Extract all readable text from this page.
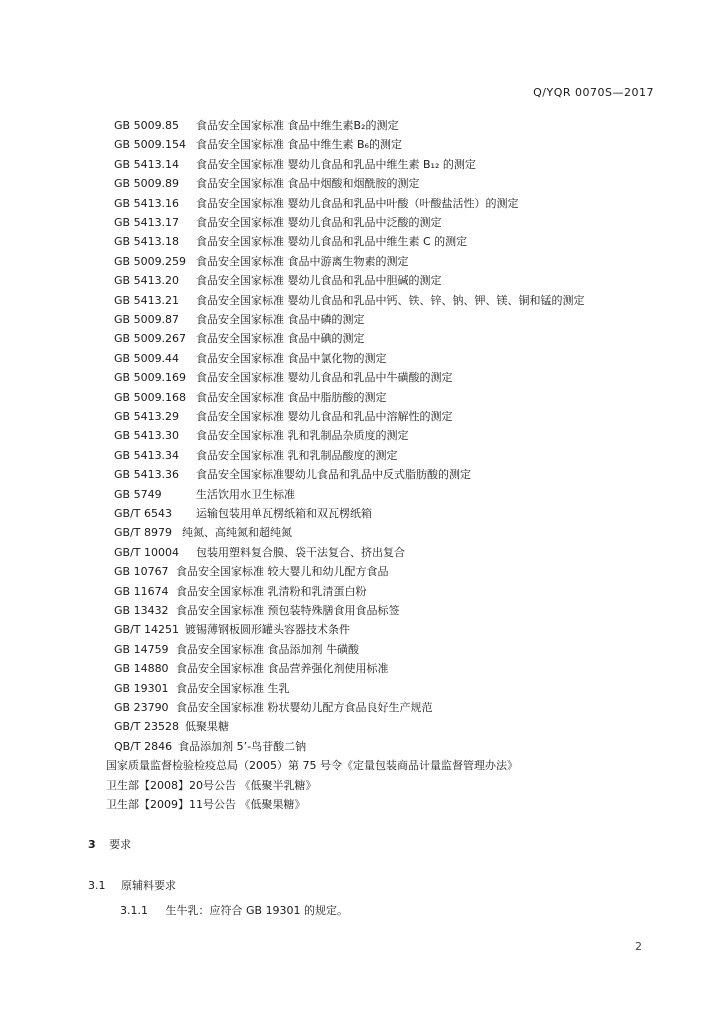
Q/YQR 0070S—2017
GB 5009.85 食品安全国家标准 食品中维生素B₂的测定
GB 5009.154 食品安全国家标准 食品中维生素 B₆的测定
GB 5413.14 食品安全国家标准 婴幼儿食品和乳品中维生素 B₁₂ 的测定
GB 5009.89 食品安全国家标准 食品中烟酸和烟酰胺的测定
GB 5413.16 食品安全国家标准 婴幼儿食品和乳品中叶酸（叶酸盐活性）的测定
GB 5413.17 食品安全国家标准 婴幼儿食品和乳品中泛酸的测定
GB 5413.18 食品安全国家标准 婴幼儿食品和乳品中维生素 C 的测定
GB 5009.259 食品安全国家标准 食品中游离生物素的测定
GB 5413.20 食品安全国家标准 婴幼儿食品和乳品中胆碱的测定
GB 5413.21 食品安全国家标准 婴幼儿食品和乳品中钙、铁、锌、钠、钾、镁、铜和锰的测定
GB 5009.87 食品安全国家标准 食品中磷的测定
GB 5009.267 食品安全国家标准 食品中碘的测定
GB 5009.44 食品安全国家标准 食品中氯化物的测定
GB 5009.169 食品安全国家标准 婴幼儿食品和乳品中牛磺酸的测定
GB 5009.168 食品安全国家标准 食品中脂肪酸的测定
GB 5413.29 食品安全国家标准 婴幼儿食品和乳品中溶解性的测定
GB 5413.30 食品安全国家标准 乳和乳制品杂质度的测定
GB 5413.34 食品安全国家标准 乳和乳制品酸度的测定
GB 5413.36 食品安全国家标准婴幼儿食品和乳品中反式脂肪酸的测定
GB 5749	生活饮用水卫生标准
GB/T 6543 运输包装用单瓦楞纸箱和双瓦楞纸箱
GB/T 8979 纯氮、高纯氮和超纯氮
GB/T 10004 包装用塑料复合膜、袋干法复合、挤出复合
GB 10767 食品安全国家标准 较大婴儿和幼儿配方食品
GB 11674 食品安全国家标准 乳清粉和乳清蛋白粉
GB 13432 食品安全国家标准 预包装特殊膳食用食品标签
GB/T 14251 镀锡薄钢板圆形罐头容器技术条件
GB 14759 食品安全国家标准 食品添加剂 牛磺酸
GB 14880 食品安全国家标准 食品营养强化剂使用标准
GB 19301 食品安全国家标准 生乳
GB 23790 食品安全国家标准 粉状婴幼儿配方食品良好生产规范
GB/T 23528 低聚果糖
QB/T 2846 食品添加剂 5’-鸟苷酸二钠
国家质量监督检验检疫总局（2005）第 75 号令《定量包装商品计量监督管理办法》
卫生部【2008】20号公告 《低聚半乳糖》
卫生部【2009】11号公告 《低聚果糖》
3 要求
3.1 原辅料要求
3.1.1 生牛乳：应符合 GB 19301 的规定。
2
